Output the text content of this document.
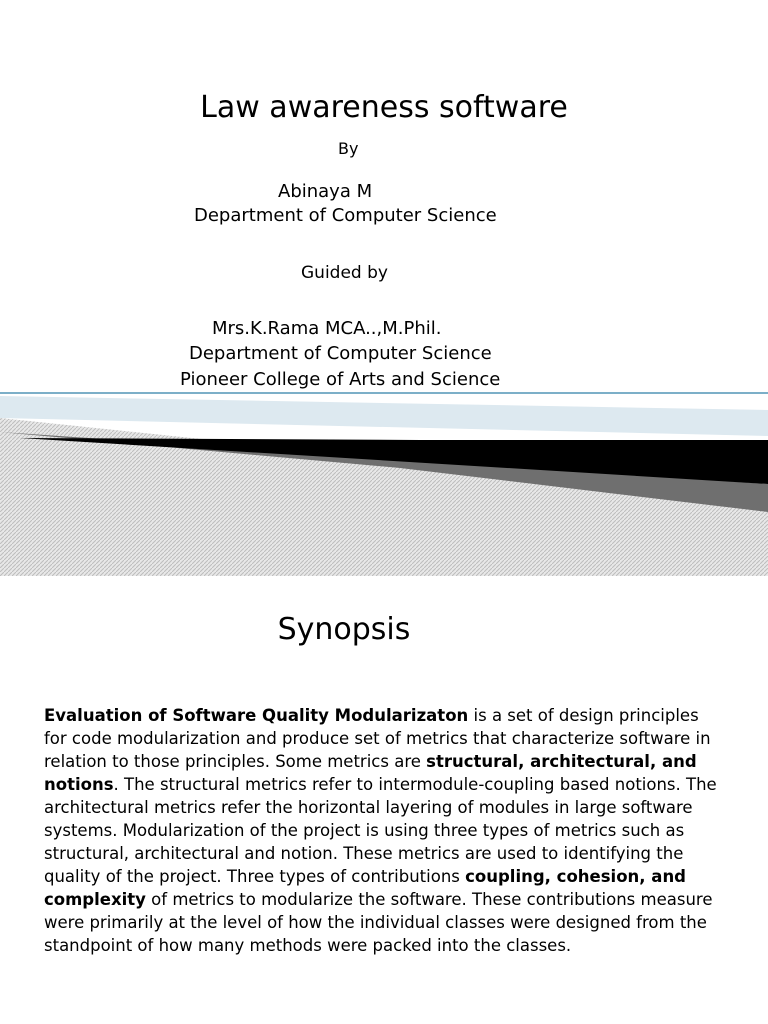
Law awareness software
By
Abinaya M
Department of Computer Science
Guided by
Mrs.K.Rama MCA..,M.Phil.
Department of Computer Science
Pioneer College of Arts and Science
Synopsis
Evaluation of Software Quality Modularizaton is a set of design principles for code modularization and produce set of metrics that characterize software in relation to those principles. Some metrics are structural, architectural, and notions. The structural metrics refer to intermodule-coupling based notions. The architectural metrics refer the horizontal layering of modules in large software systems. Modularization of the project is using three types of metrics such as structural, architectural and notion. These metrics are used to identifying the quality of the project. Three types of contributions coupling, cohesion, and complexity of metrics to modularize the software. These contributions measure were primarily at the level of how the individual classes were designed from the standpoint of how many methods were packed into the classes.
